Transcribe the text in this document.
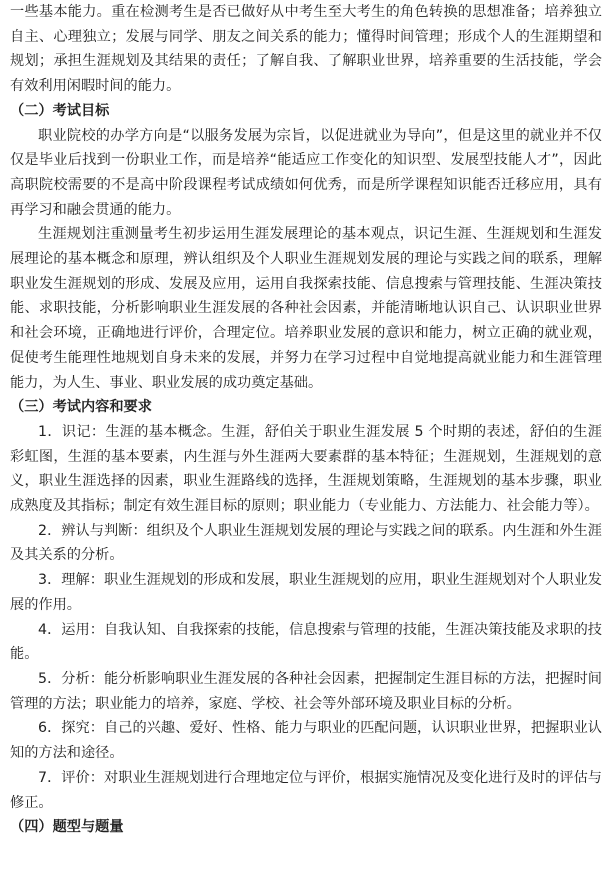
一些基本能力。重在检测考生是否已做好从中考生至大考生的角色转换的思想准备；培养独立自主、心理独立；发展与同学、朋友之间关系的能力；懂得时间管理；形成个人的生涯期望和规划；承担生涯规划及其结果的责任；了解自我、了解职业世界，培养重要的生活技能，学会有效利用闲暇时间的能力。

（二）考试目标

职业院校的办学方向是“以服务发展为宗旨，以促进就业为导向”，但是这里的就业并不仅仅是毕业后找到一份职业工作，而是培养“能适应工作变化的知识型、发展型技能人才”，因此高职院校需要的不是高中阶段课程考试成绩如何优秀，而是所学课程知识能否迁移应用，具有再学习和融会贯通的能力。

生涯规划注重测量考生初步运用生涯发展理论的基本观点，识记生涯、生涯规划和生涯发展理论的基本概念和原理，辨认组织及个人职业生涯规划发展的理论与实践之间的联系，理解职业发生涯规划的形成、发展及应用，运用自我探索技能、信息搜索与管理技能、生涯决策技能、求职技能，分析影响职业生涯发展的各种社会因素，并能清晰地认识自己、认识职业世界和社会环境，正确地进行评价，合理定位。培养职业发展的意识和能力，树立正确的就业观，促使考生能理性地规划自身未来的发展，并努力在学习过程中自觉地提高就业能力和生涯管理能力，为人生、事业、职业发展的成功奠定基础。

（三）考试内容和要求

1．识记：生涯的基本概念。生涯，舒伯关于职业生涯发展 5 个时期的表述，舒伯的生涯彩虹图，生涯的基本要素，内生涯与外生涯两大要素群的基本特征；生涯规划，生涯规划的意义，职业生涯选择的因素，职业生涯路线的选择，生涯规划策略，生涯规划的基本步骤，职业成熟度及其指标；制定有效生涯目标的原则；职业能力（专业能力、方法能力、社会能力等）。

2．辨认与判断：组织及个人职业生涯规划发展的理论与实践之间的联系。内生涯和外生涯及其关系的分析。

3．理解：职业生涯规划的形成和发展，职业生涯规划的应用，职业生涯规划对个人职业发展的作用。

4．运用：自我认知、自我探索的技能，信息搜索与管理的技能，生涯决策技能及求职的技能。

5．分析：能分析影响职业生涯发展的各种社会因素，把握制定生涯目标的方法，把握时间管理的方法；职业能力的培养，家庭、学校、社会等外部环境及职业目标的分析。

6．探究：自己的兴趣、爱好、性格、能力与职业的匹配问题，认识职业世界，把握职业认知的方法和途径。

7．评价：对职业生涯规划进行合理地定位与评价，根据实施情况及变化进行及时的评估与修正。

（四）题型与题量
